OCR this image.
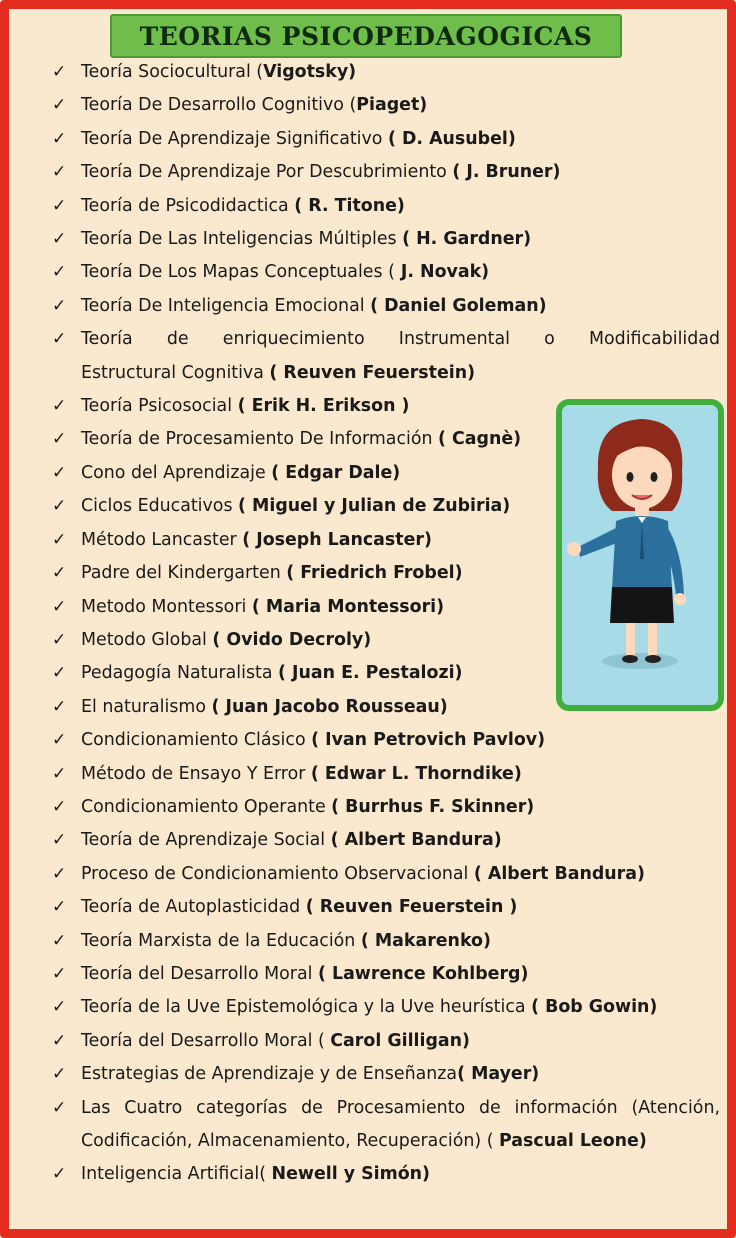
TEORIAS PSICOPEDAGOGICAS
✓ Teoría Sociocultural (Vigotsky)
✓ Teoría De Desarrollo Cognitivo (Piaget)
✓ Teoría De Aprendizaje Significativo ( D. Ausubel)
✓ Teoría De Aprendizaje Por Descubrimiento ( J. Bruner)
✓ Teoría de Psicodidactica ( R. Titone)
✓ Teoría De Las Inteligencias Múltiples ( H. Gardner)
✓ Teoría De Los Mapas Conceptuales ( J. Novak)
✓ Teoría De Inteligencia Emocional ( Daniel Goleman)
✓ Teoría de enriquecimiento Instrumental o Modificabilidad
Estructural Cognitiva ( Reuven Feuerstein)
✓ Teoría Psicosocial ( Erik H. Erikson )
✓ Teoría de Procesamiento De Información ( Cagnè)
✓ Cono del Aprendizaje ( Edgar Dale)
✓ Ciclos Educativos ( Miguel y Julian de Zubiria)
✓ Método Lancaster ( Joseph Lancaster)
✓ Padre del Kindergarten ( Friedrich Frobel)
✓ Metodo Montessori ( Maria Montessori)
✓ Metodo Global ( Ovido Decroly)
✓ Pedagogía Naturalista ( Juan E. Pestalozi)
✓ El naturalismo ( Juan Jacobo Rousseau)
✓ Condicionamiento Clásico ( Ivan Petrovich Pavlov)
✓ Método de Ensayo Y Error ( Edwar L. Thorndike)
✓ Condicionamiento Operante ( Burrhus F. Skinner)
✓ Teoría de Aprendizaje Social ( Albert Bandura)
✓ Proceso de Condicionamiento Observacional ( Albert Bandura)
✓ Teoría de Autoplasticidad ( Reuven Feuerstein )
✓ Teoría Marxista de la Educación ( Makarenko)
✓ Teoría del Desarrollo Moral ( Lawrence Kohlberg)
✓ Teoría de la Uve Epistemológica y la Uve heurística ( Bob Gowin)
✓ Teoría del Desarrollo Moral ( Carol Gilligan)
✓ Estrategias de Aprendizaje y de Enseñanza( Mayer)
✓ Las Cuatro categorías de Procesamiento de información (Atención,
Codificación, Almacenamiento, Recuperación) ( Pascual Leone)
✓ Inteligencia Artificial( Newell y Simón)
